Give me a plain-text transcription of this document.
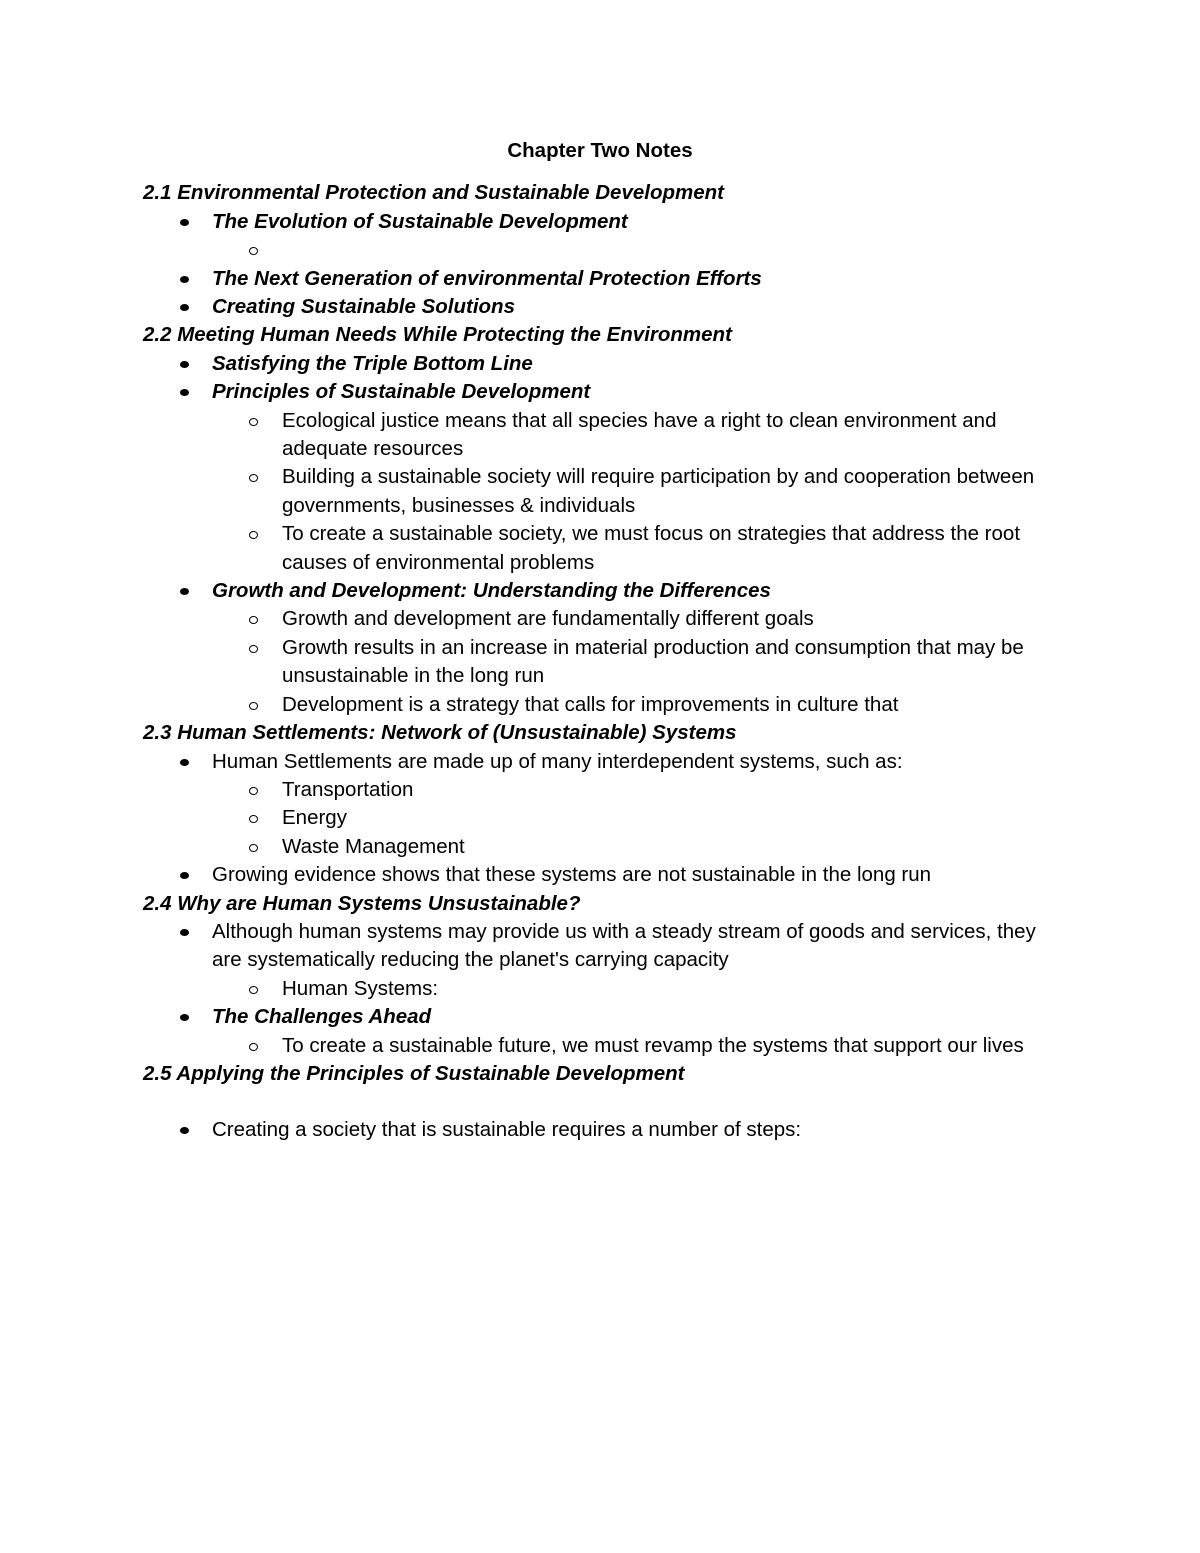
Chapter Two Notes
2.1 Environmental Protection and Sustainable Development
The Evolution of Sustainable Development
The Next Generation of environmental Protection Efforts
Creating Sustainable Solutions
2.2 Meeting Human Needs While Protecting the Environment
Satisfying the Triple Bottom Line
Principles of Sustainable Development
Ecological justice means that all species have a right to clean environment and adequate resources
Building a sustainable society will require participation by and cooperation between governments, businesses & individuals
To create a sustainable society, we must focus on strategies that address the root causes of environmental problems
Growth and Development: Understanding the Differences
Growth and development are fundamentally different goals
Growth results in an increase in material production and consumption that may be unsustainable in the long run
Development is a strategy that calls for improvements in culture that
2.3 Human Settlements: Network of (Unsustainable) Systems
Human Settlements are made up of many interdependent systems, such as:
Transportation
Energy
Waste Management
Growing evidence shows that these systems are not sustainable in the long run
2.4 Why are Human Systems Unsustainable?
Although human systems may provide us with a steady stream of goods and services, they are systematically reducing the planet's carrying capacity
Human Systems:
The Challenges Ahead
To create a sustainable future, we must revamp the systems that support our lives
2.5 Applying the Principles of Sustainable Development
Creating a society that is sustainable requires a number of steps:
